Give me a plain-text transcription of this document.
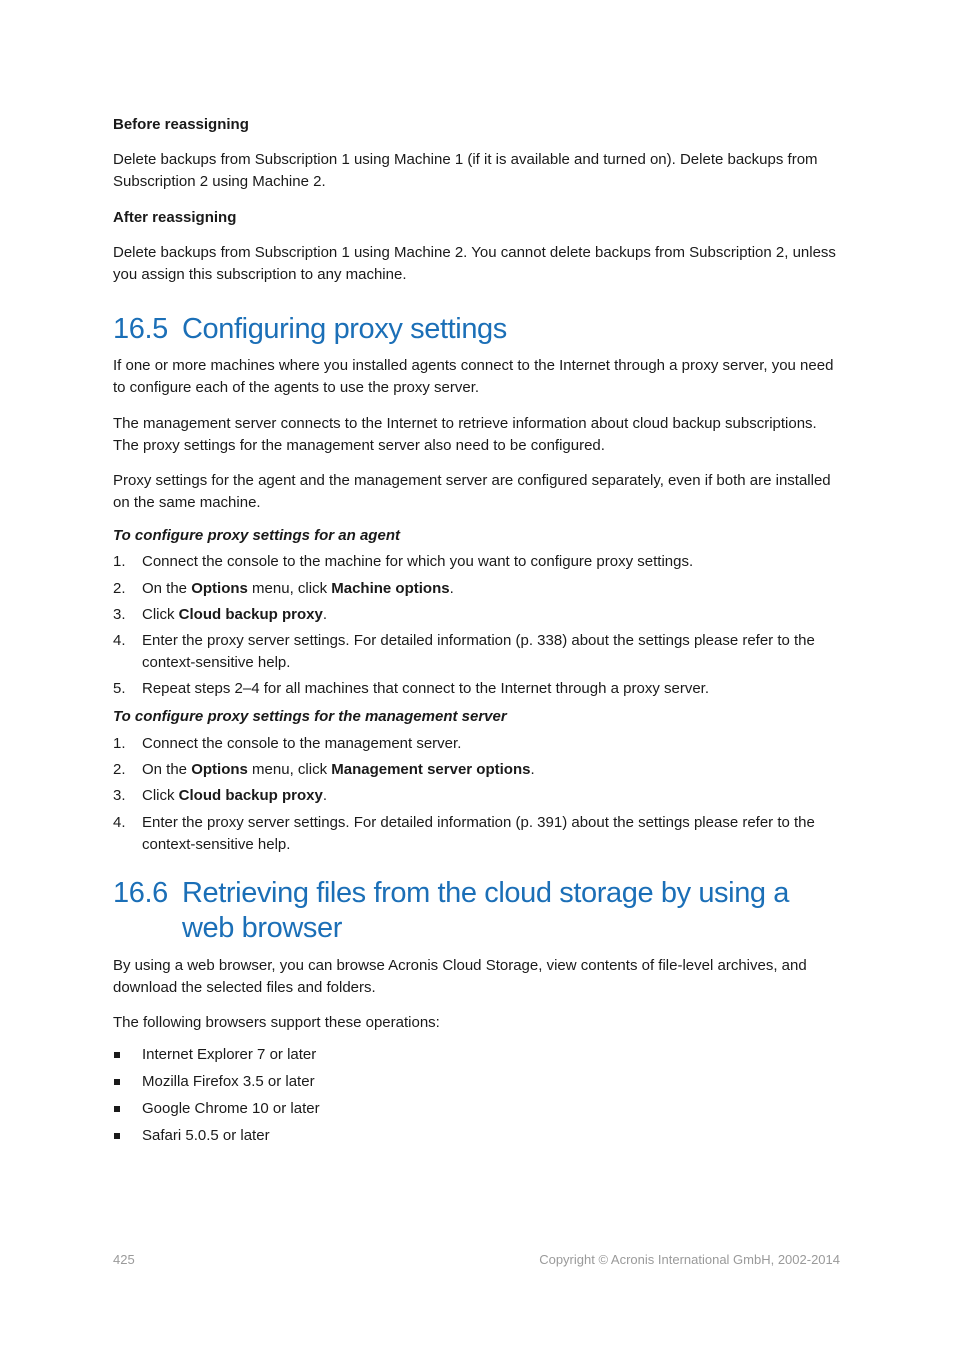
Before reassigning

Delete backups from Subscription 1 using Machine 1 (if it is available and turned on). Delete backups from Subscription 2 using Machine 2.

After reassigning

Delete backups from Subscription 1 using Machine 2. You cannot delete backups from Subscription 2, unless you assign this subscription to any machine.

16.5 Configuring proxy settings

If one or more machines where you installed agents connect to the Internet through a proxy server, you need to configure each of the agents to use the proxy server.

The management server connects to the Internet to retrieve information about cloud backup subscriptions. The proxy settings for the management server also need to be configured.

Proxy settings for the agent and the management server are configured separately, even if both are installed on the same machine.

To configure proxy settings for an agent

1. Connect the console to the machine for which you want to configure proxy settings.
2. On the Options menu, click Machine options.
3. Click Cloud backup proxy.
4. Enter the proxy server settings. For detailed information (p. 338) about the settings please refer to the context-sensitive help.
5. Repeat steps 2–4 for all machines that connect to the Internet through a proxy server.

To configure proxy settings for the management server

1. Connect the console to the management server.
2. On the Options menu, click Management server options.
3. Click Cloud backup proxy.
4. Enter the proxy server settings. For detailed information (p. 391) about the settings please refer to the context-sensitive help.
16.6 Retrieving files from the cloud storage by using a
web browser

By using a web browser, you can browse Acronis Cloud Storage, view contents of file-level archives, and download the selected files and folders.

The following browsers support these operations:

Internet Explorer 7 or later
Mozilla Firefox 3.5 or later
Google Chrome 10 or later
Safari 5.0.5 or later
425	Copyright © Acronis International GmbH, 2002-2014
